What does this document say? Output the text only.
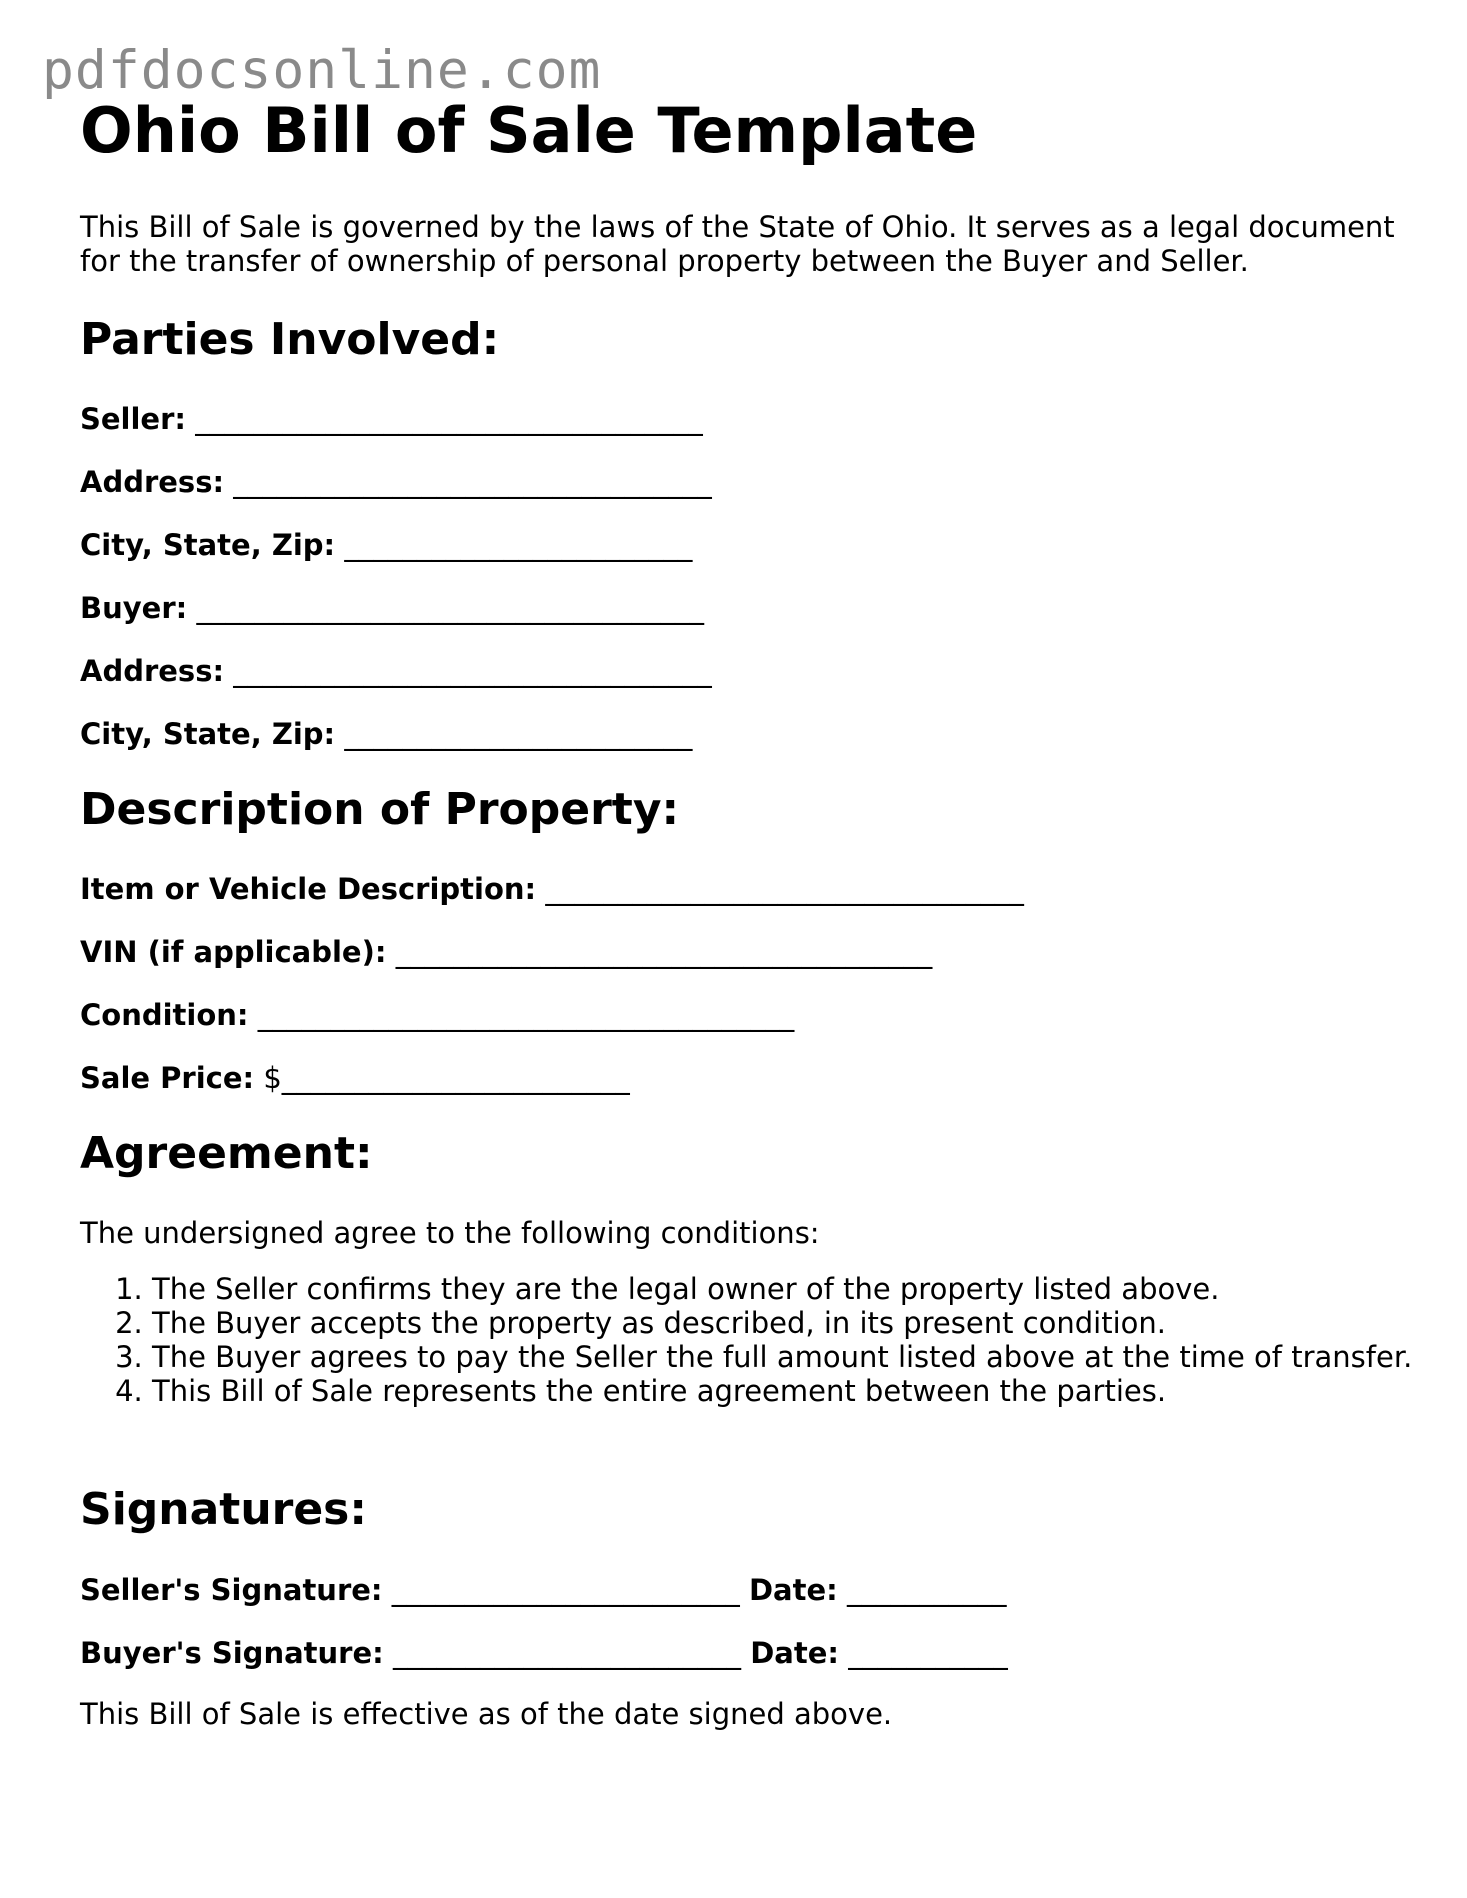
pdfdocsonline.com
Ohio Bill of Sale Template

This Bill of Sale is governed by the laws of the State of Ohio. It serves as a legal document for the transfer of ownership of personal property between the Buyer and Seller.

Parties Involved:
Seller: ___________________________________
Address: _________________________________
City, State, Zip: ________________________
Buyer: ___________________________________
Address: _________________________________
City, State, Zip: ________________________
Description of Property:
Item or Vehicle Description: _________________________________
VIN (if applicable): _____________________________________
Condition: _____________________________________
Sale Price: $________________________
Agreement:

The undersigned agree to the following conditions:

1. The Seller confirms they are the legal owner of the property listed above.
2. The Buyer accepts the property as described, in its present condition.
3. The Buyer agrees to pay the Seller the full amount listed above at the time of transfer.
4. This Bill of Sale represents the entire agreement between the parties.
Signatures:
Seller's Signature: ________________________ Date: ___________
Buyer's Signature: ________________________ Date: ___________

This Bill of Sale is effective as of the date signed above.
